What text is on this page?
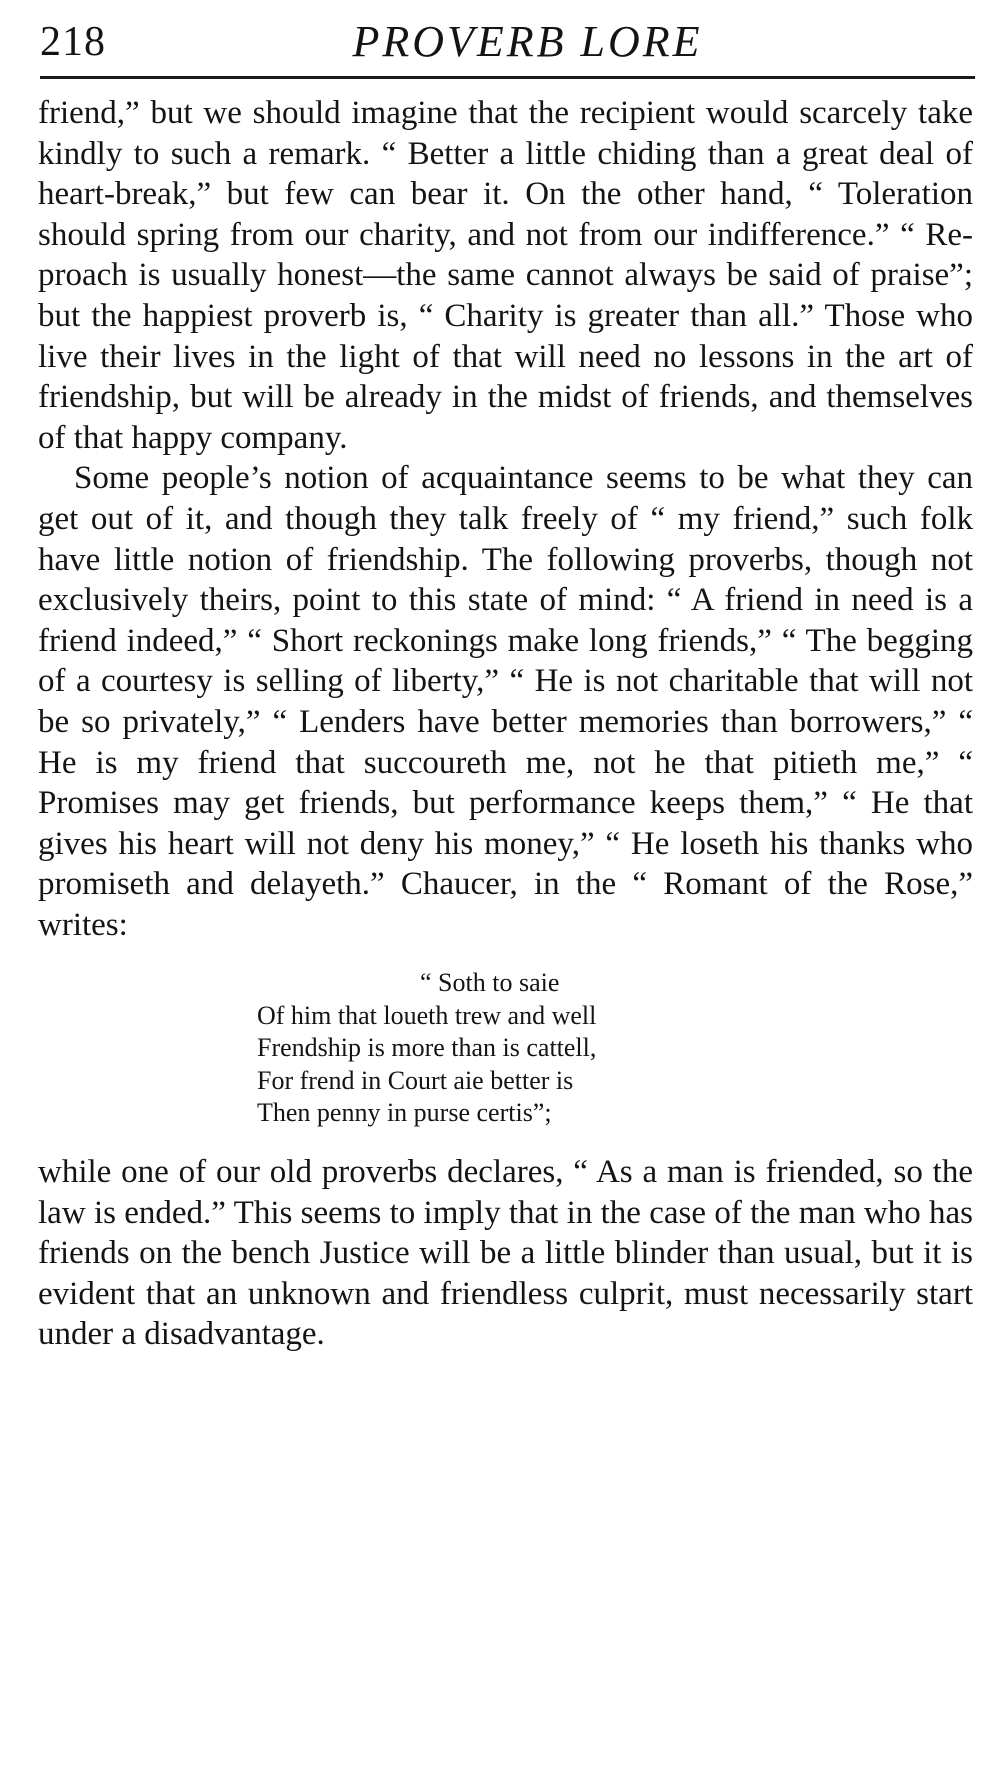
218	PROVERB LORE

friend,” but we should imagine that the recipient would scarcely take kindly to such a remark. “ Better a little chiding than a great deal of heart-break,” but few can bear it. On the other hand, “ Toleration should spring from our charity, and not from our indifference.” “ Reproach is usually honest—the same cannot always be said of praise”; but the happiest proverb is, “ Charity is greater than all.” Those who live their lives in the light of that will need no lessons in the art of friendship, but will be already in the midst of friends, and themselves of that happy company.

Some people’s notion of acquaintance seems to be what they can get out of it, and though they talk freely of “ my friend,” such folk have little notion of friendship. The following proverbs, though not exclusively theirs, point to this state of mind: “ A friend in need is a friend indeed,” “ Short reckonings make long friends,” “ The begging of a courtesy is selling of liberty,” “ He is not charitable that will not be so privately,” “ Lenders have better memories than borrowers,” “ He is my friend that succoureth me, not he that pitieth me,” “ Promises may get friends, but performance keeps them,” “ He that gives his heart will not deny his money,” “ He loseth his thanks who promiseth and delayeth.” Chaucer, in the “ Romant of the Rose,” writes:

“ Soth to saie
Of him that loueth trew and well
Frendship is more than is cattell,
For frend in Court aie better is
Then penny in purse certis”;

while one of our old proverbs declares, “ As a man is friended, so the law is ended.” This seems to imply that in the case of the man who has friends on the bench Justice will be a little blinder than usual, but it is evident that an unknown and friendless culprit, must necessarily start under a disadvantage.
